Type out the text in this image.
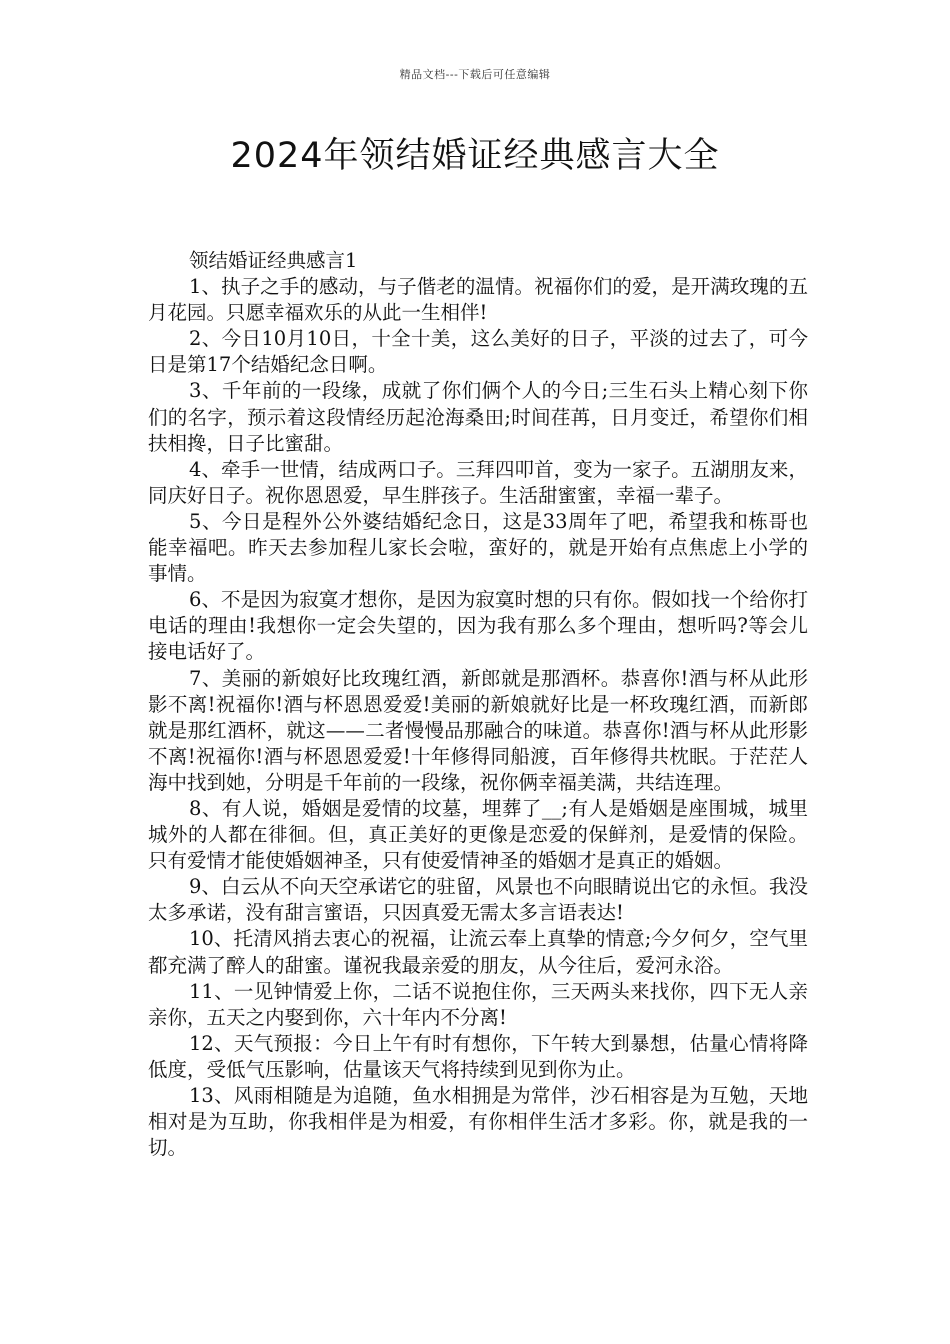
精品文档---下载后可任意编辑
2024年领结婚证经典感言大全

领结婚证经典感言1

1、执子之手的感动，与子偕老的温情。祝福你们的爱，是开满玫瑰的五月花园。只愿幸福欢乐的从此一生相伴!

2、今日10月10日，十全十美，这么美好的日子，平淡的过去了，可今日是第17个结婚纪念日啊。

3、千年前的一段缘，成就了你们俩个人的今日;三生石头上精心刻下你们的名字，预示着这段情经历起沧海桑田;时间荏苒，日月变迁，希望你们相扶相搀，日子比蜜甜。

4、牵手一世情，结成两口子。三拜四叩首，变为一家子。五湖朋友来，同庆好日子。祝你恩恩爱，早生胖孩子。生活甜蜜蜜，幸福一辈子。

5、今日是程外公外婆结婚纪念日，这是33周年了吧，希望我和栋哥也能幸福吧。昨天去参加程儿家长会啦，蛮好的，就是开始有点焦虑上小学的事情。

6、不是因为寂寞才想你，是因为寂寞时想的只有你。假如找一个给你打电话的理由!我想你一定会失望的，因为我有那么多个理由，想听吗?等会儿接电话好了。

7、美丽的新娘好比玫瑰红酒，新郎就是那酒杯。恭喜你!酒与杯从此形影不离!祝福你!酒与杯恩恩爱爱!美丽的新娘就好比是一杯玫瑰红酒，而新郎就是那红酒杯，就这——二者慢慢品那融合的味道。恭喜你!酒与杯从此形影不离!祝福你!酒与杯恩恩爱爱!十年修得同船渡，百年修得共枕眠。于茫茫人海中找到她，分明是千年前的一段缘，祝你俩幸福美满，共结连理。

8、有人说，婚姻是爱情的坟墓，埋葬了__;有人是婚姻是座围城，城里城外的人都在徘徊。但，真正美好的更像是恋爱的保鲜剂，是爱情的保险。只有爱情才能使婚姻神圣，只有使爱情神圣的婚姻才是真正的婚姻。

9、白云从不向天空承诺它的驻留，风景也不向眼睛说出它的永恒。我没太多承诺，没有甜言蜜语，只因真爱无需太多言语表达!

10、托清风捎去衷心的祝福，让流云奉上真挚的情意;今夕何夕，空气里都充满了醉人的甜蜜。谨祝我最亲爱的朋友，从今往后，爱河永浴。

11、一见钟情爱上你，二话不说抱住你，三天两头来找你，四下无人亲亲你，五天之内娶到你，六十年内不分离!

12、天气预报：今日上午有时有想你，下午转大到暴想，估量心情将降低度，受低气压影响，估量该天气将持续到见到你为止。

13、风雨相随是为追随，鱼水相拥是为常伴，沙石相容是为互勉，天地相对是为互助，你我相伴是为相爱，有你相伴生活才多彩。你，就是我的一切。
